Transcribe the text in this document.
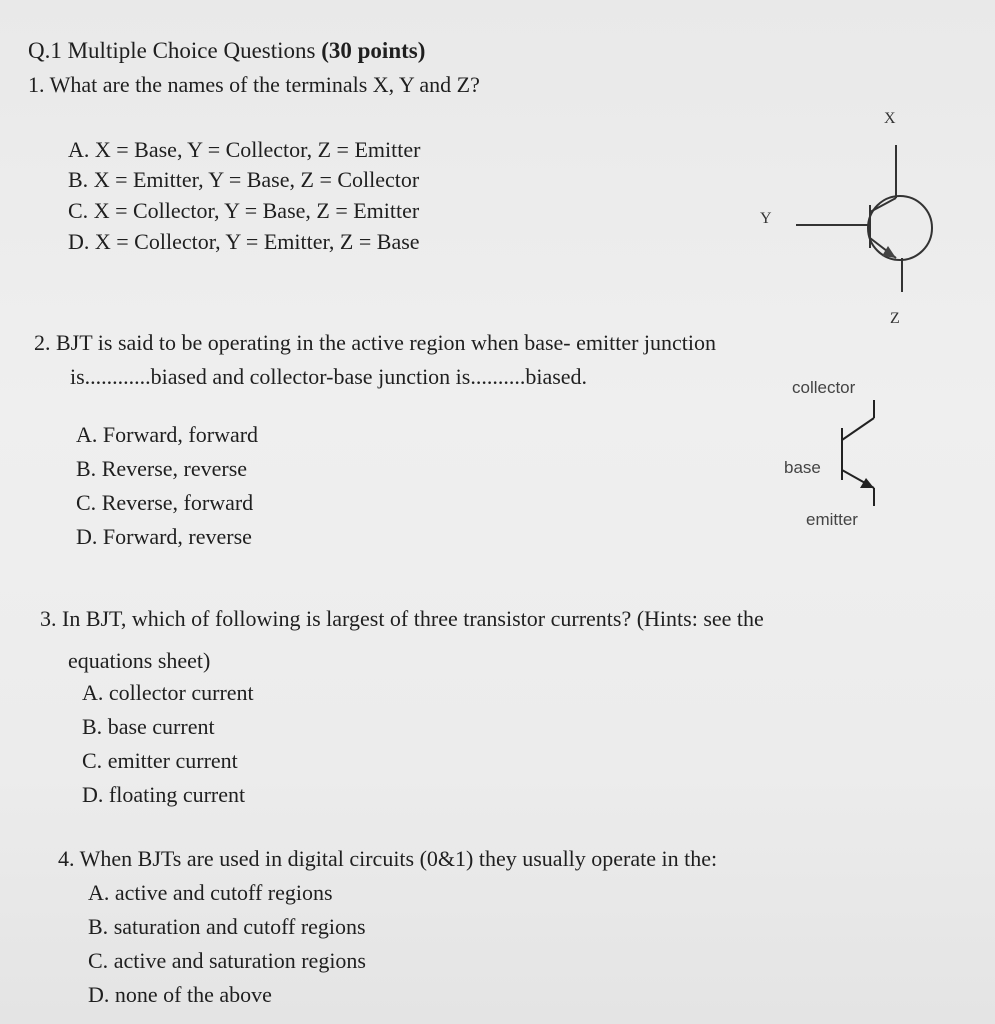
Q.1 Multiple Choice Questions (30 points)
1. What are the names of the terminals X, Y and Z?
A. X = Base, Y = Collector, Z = Emitter
B. X = Emitter, Y = Base, Z = Collector
C. X = Collector, Y = Base, Z = Emitter
D. X = Collector, Y = Emitter, Z = Base
X
Y
Z
2. BJT is said to be operating in the active region when base- emitter junction
is............biased and collector-base junction is..........biased.
A. Forward, forward
B. Reverse, reverse
C. Reverse, forward
D. Forward, reverse
collector
base
emitter
3. In BJT, which of following is largest of three transistor currents? (Hints: see the
equations sheet)
A. collector current
B. base current
C. emitter current
D. floating current
4. When BJTs are used in digital circuits (0&1) they usually operate in the:
A. active and cutoff regions
B. saturation and cutoff regions
C. active and saturation regions
D. none of the above
